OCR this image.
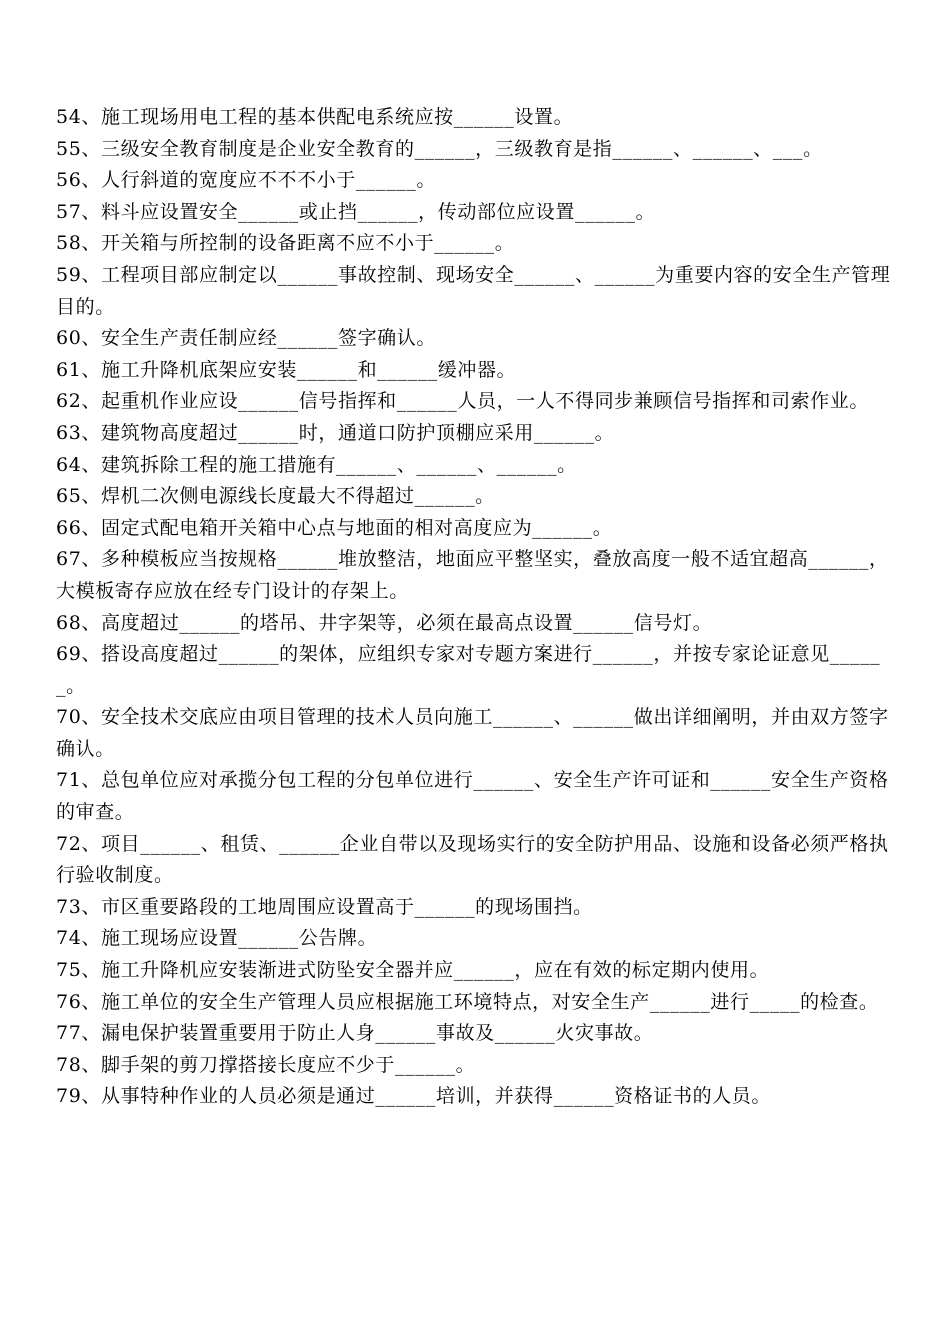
54、施工现场用电工程的基本供配电系统应按______设置。

55、三级安全教育制度是企业安全教育的______，三级教育是指______、______、___。

56、人行斜道的宽度应不不不小于______。

57、料斗应设置安全______或止挡______，传动部位应设置______。

58、开关箱与所控制的设备距离不应不小于______。

59、工程项目部应制定以______事故控制、现场安全______、______为重要内容的安全生产管理目的。

60、安全生产责任制应经______签字确认。

61、施工升降机底架应安装______和______缓冲器。

62、起重机作业应设______信号指挥和______人员，一人不得同步兼顾信号指挥和司索作业。

63、建筑物高度超过______时，通道口防护顶棚应采用______。

64、建筑拆除工程的施工措施有______、______、______。

65、焊机二次侧电源线长度最大不得超过______。

66、固定式配电箱开关箱中心点与地面的相对高度应为______。

67、多种模板应当按规格______堆放整洁，地面应平整坚实，叠放高度一般不适宜超高______，大模板寄存应放在经专门设计的存架上。

68、高度超过______的塔吊、井字架等，必须在最高点设置______信号灯。

69、搭设高度超过______的架体，应组织专家对专题方案进行______，并按专家论证意见______。

70、安全技术交底应由项目管理的技术人员向施工______、______做出详细阐明，并由双方签字确认。

71、总包单位应对承揽分包工程的分包单位进行______、安全生产许可证和______安全生产资格的审查。

72、项目______、租赁、______企业自带以及现场实行的安全防护用品、设施和设备必须严格执行验收制度。

73、市区重要路段的工地周围应设置高于______的现场围挡。

74、施工现场应设置______公告牌。

75、施工升降机应安装渐进式防坠安全器并应______，应在有效的标定期内使用。

76、施工单位的安全生产管理人员应根据施工环境特点，对安全生产______进行_____的检查。

77、漏电保护装置重要用于防止人身______事故及______火灾事故。

78、脚手架的剪刀撑搭接长度应不少于______。

79、从事特种作业的人员必须是通过______培训，并获得______资格证书的人员。
